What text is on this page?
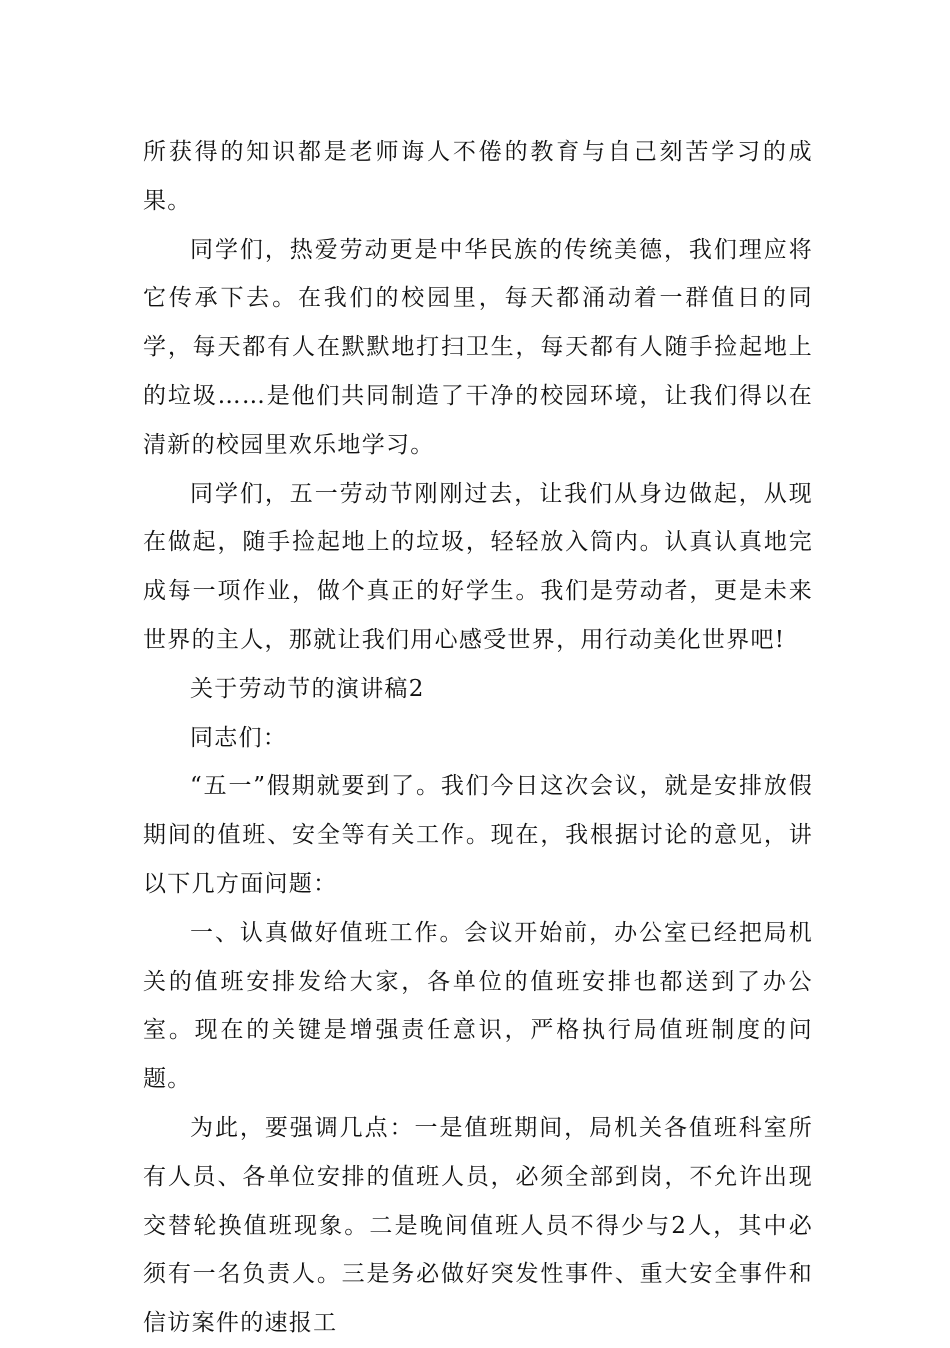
所获得的知识都是老师诲人不倦的教育与自己刻苦学习的成果。

同学们，热爱劳动更是中华民族的传统美德，我们理应将它传承下去。在我们的校园里，每天都涌动着一群值日的同学，每天都有人在默默地打扫卫生，每天都有人随手捡起地上的垃圾……是他们共同制造了干净的校园环境，让我们得以在清新的校园里欢乐地学习。

同学们，五一劳动节刚刚过去，让我们从身边做起，从现在做起，随手捡起地上的垃圾，轻轻放入筒内。认真认真地完成每一项作业，做个真正的好学生。我们是劳动者，更是未来世界的主人，那就让我们用心感受世界，用行动美化世界吧!

关于劳动节的演讲稿2

同志们：

“五一”假期就要到了。我们今日这次会议，就是安排放假期间的值班、安全等有关工作。现在，我根据讨论的意见，讲以下几方面问题：

一、认真做好值班工作。会议开始前，办公室已经把局机关的值班安排发给大家，各单位的值班安排也都送到了办公室。现在的关键是增强责任意识，严格执行局值班制度的问题。

为此，要强调几点：一是值班期间，局机关各值班科室所有人员、各单位安排的值班人员，必须全部到岗，不允许出现交替轮换值班现象。二是晚间值班人员不得少与2人，其中必须有一名负责人。三是务必做好突发性事件、重大安全事件和信访案件的速报工
